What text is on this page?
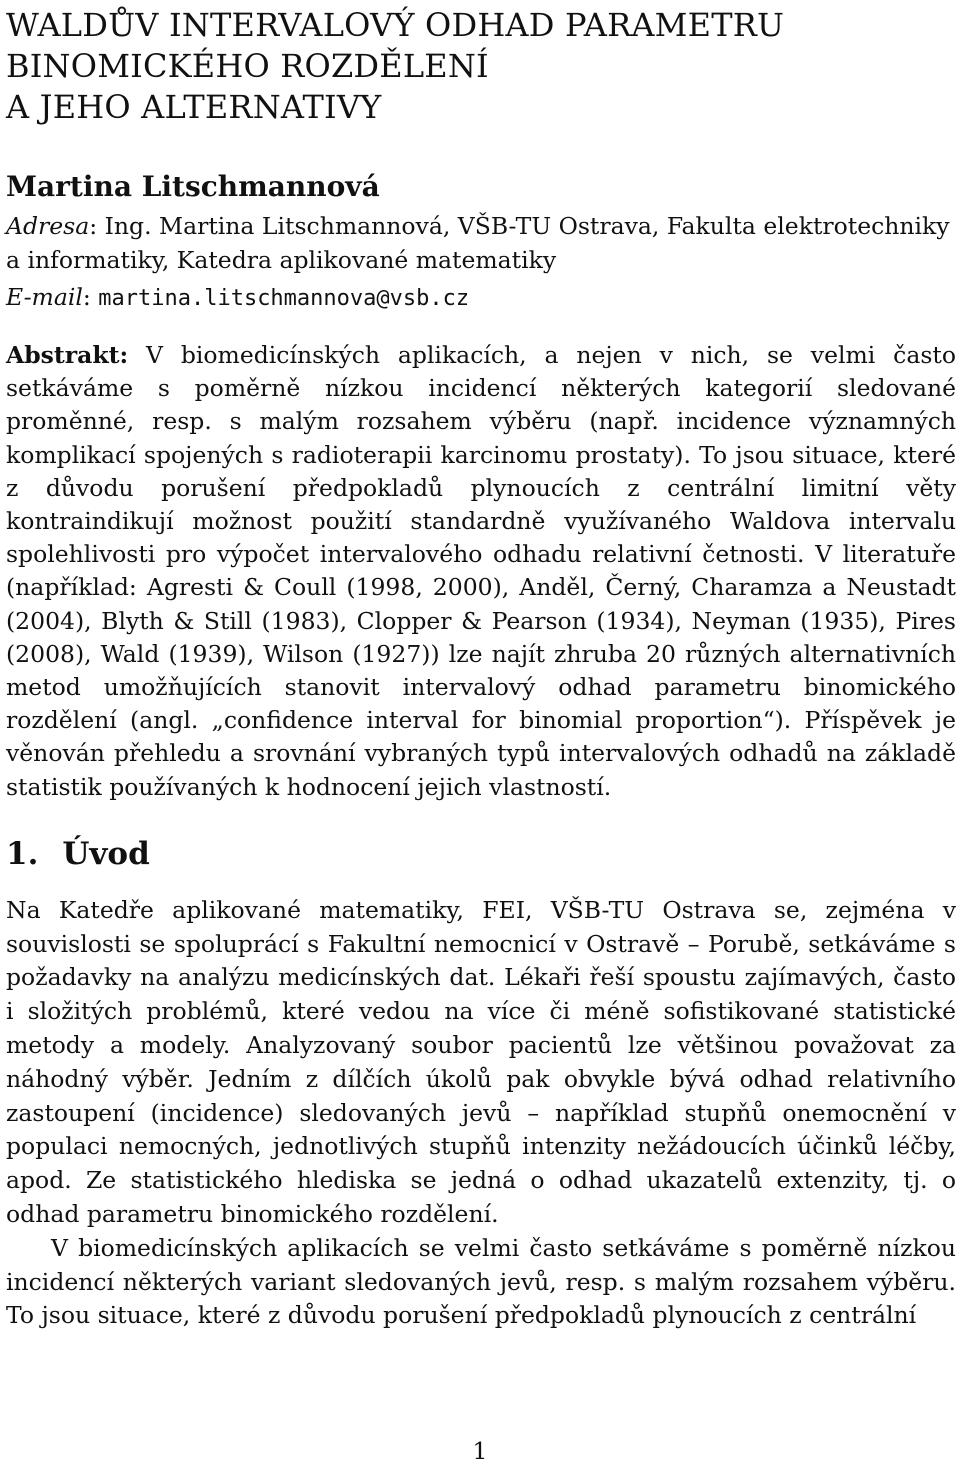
WALDŮV INTERVALOVÝ ODHAD PARAMETRU
BINOMICKÉHO ROZDĚLENÍ
A JEHO ALTERNATIVY

Martina Litschmannová

Adresa: Ing. Martina Litschmannová, VŠB-TU Ostrava, Fakulta elektrotechniky a informatiky, Katedra aplikované matematiky

E-mail: martina.litschmannova@vsb.cz

Abstrakt: V biomedicínských aplikacích, a nejen v nich, se velmi často setkáváme s poměrně nízkou incidencí některých kategorií sledované proměnné, resp. s malým rozsahem výběru (např. incidence významných komplikací spojených s radioterapii karcinomu prostaty). To jsou situace, které z důvodu porušení předpokladů plynoucích z centrální limitní věty kontraindikují možnost použití standardně využívaného Waldova intervalu spolehlivosti pro výpočet intervalového odhadu relativní četnosti. V literatuře (například: Agresti & Coull (1998, 2000), Anděl, Černý, Charamza a Neustadt (2004), Blyth & Still (1983), Clopper & Pearson (1934), Neyman (1935), Pires (2008), Wald (1939), Wilson (1927)) lze najít zhruba 20 různých alternativních metod umožňujících stanovit intervalový odhad parametru binomického rozdělení (angl. „confidence interval for binomial proportion“). Příspěvek je věnován přehledu a srovnání vybraných typů intervalových odhadů na základě statistik používaných k hodnocení jejich vlastností.

1. Úvod

Na Katedře aplikované matematiky, FEI, VŠB-TU Ostrava se, zejména v souvislosti se spoluprácí s Fakultní nemocnicí v Ostravě – Porubě, setkáváme s požadavky na analýzu medicínských dat. Lékaři řeší spoustu zajímavých, často i složitých problémů, které vedou na více či méně sofistikované statistické metody a modely. Analyzovaný soubor pacientů lze většinou považovat za náhodný výběr. Jedním z dílčích úkolů pak obvykle bývá odhad relativního zastoupení (incidence) sledovaných jevů – například stupňů onemocnění v populaci nemocných, jednotlivých stupňů intenzity nežádoucích účinků léčby, apod. Ze statistického hlediska se jedná o odhad ukazatelů extenzity, tj. o odhad parametru binomického rozdělení.

V biomedicínských aplikacích se velmi často setkáváme s poměrně nízkou incidencí některých variant sledovaných jevů, resp. s malým rozsahem výběru. To jsou situace, které z důvodu porušení předpokladů plynoucích z centrální

1
